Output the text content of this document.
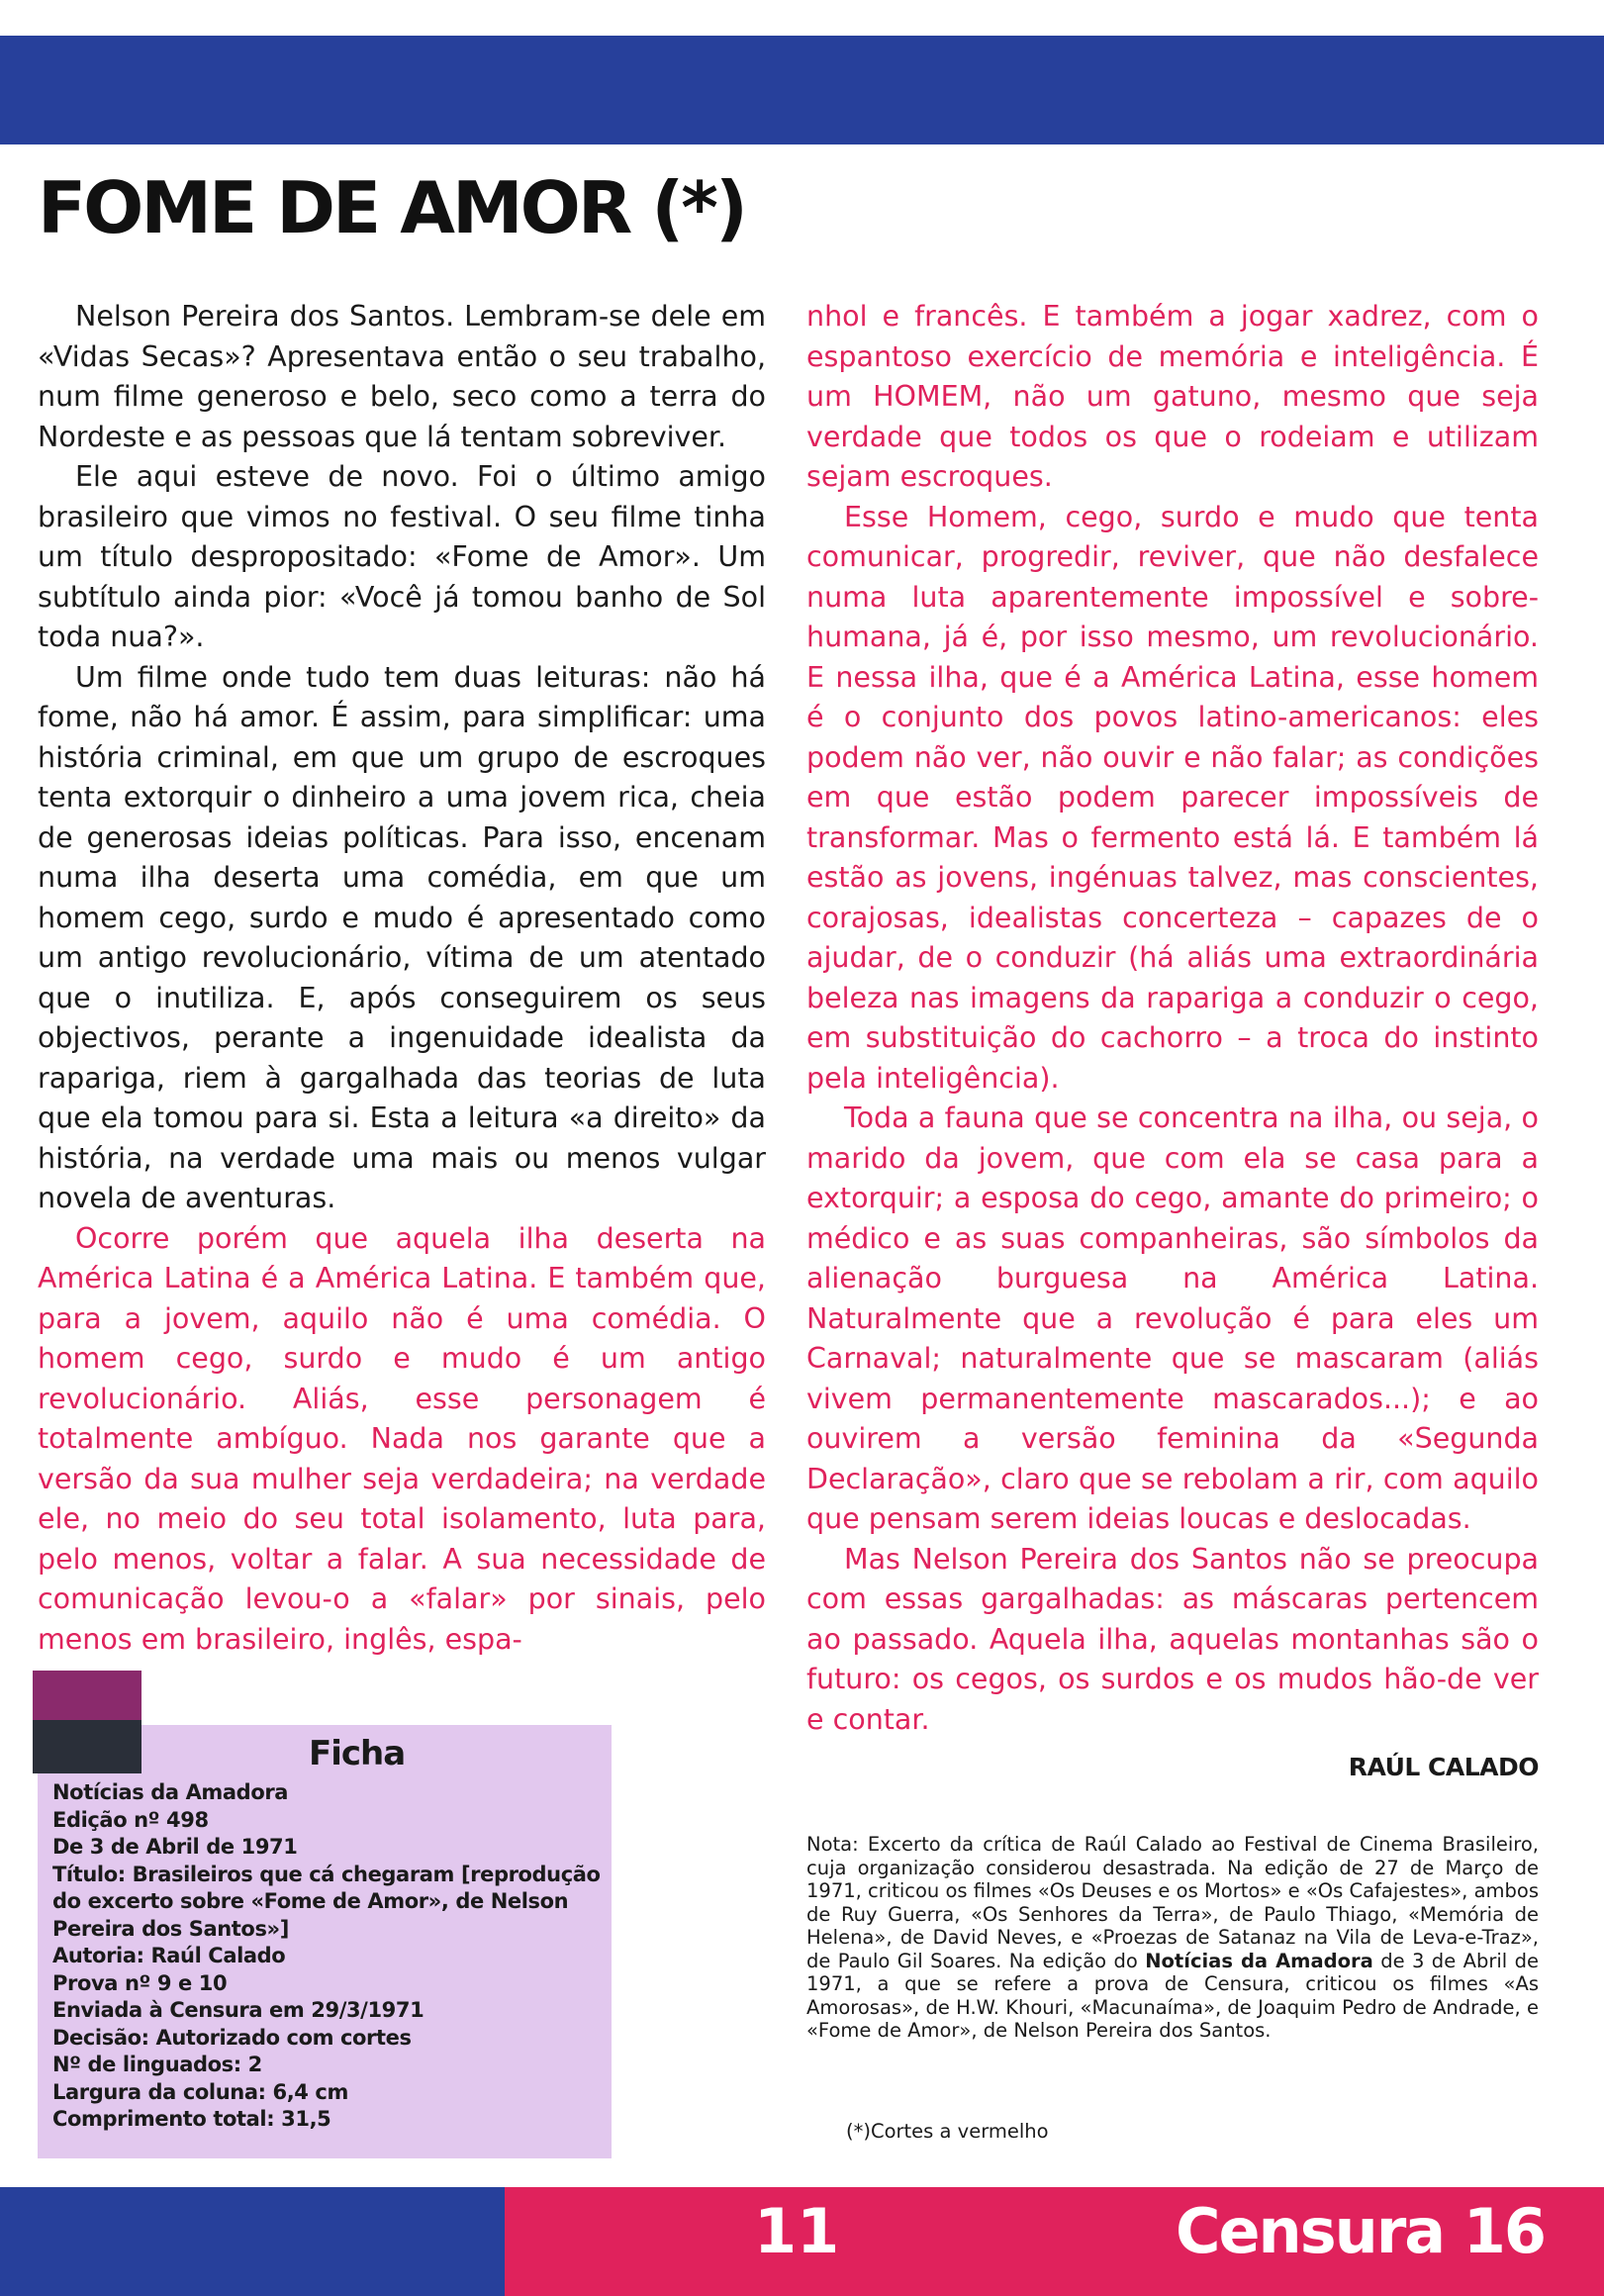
FOME DE AMOR (*)

Nelson Pereira dos Santos. Lembram-se dele em «Vidas Secas»? Apresentava então o seu trabalho, num filme generoso e belo, seco como a terra do Nordeste e as pessoas que lá tentam sobreviver.

Ele aqui esteve de novo. Foi o último amigo brasileiro que vimos no festival. O seu filme tinha um título despropositado: «Fome de Amor». Um subtítulo ainda pior: «Você já tomou banho de Sol toda nua?».

Um filme onde tudo tem duas leituras: não há fome, não há amor. É assim, para simplificar: uma história criminal, em que um grupo de escroques tenta extorquir o dinheiro a uma jovem rica, cheia de generosas ideias políticas. Para isso, encenam numa ilha deserta uma comédia, em que um homem cego, surdo e mudo é apresentado como um antigo revolucionário, vítima de um atentado que o inutiliza. E, após conseguirem os seus objectivos, perante a ingenuidade idealista da rapariga, riem à gargalhada das teorias de luta que ela tomou para si. Esta a leitura «a direito» da história, na verdade uma mais ou menos vulgar novela de aventuras.

Ocorre porém que aquela ilha deserta na América Latina é a América Latina. E também que, para a jovem, aquilo não é uma comédia. O homem cego, surdo e mudo é um antigo revolucionário. Aliás, esse personagem é totalmente ambíguo. Nada nos garante que a versão da sua mulher seja verdadeira; na verdade ele, no meio do seu total isolamento, luta para, pelo menos, voltar a falar. A sua necessidade de comunicação levou-o a «falar» por sinais, pelo menos em brasileiro, inglês, espa-

nhol e francês. E também a jogar xadrez, com o espantoso exercício de memória e inteligência. É um HOMEM, não um gatuno, mesmo que seja verdade que todos os que o rodeiam e utilizam sejam escroques.

Esse Homem, cego, surdo e mudo que tenta comunicar, progredir, reviver, que não desfalece numa luta aparentemente impossível e sobre-humana, já é, por isso mesmo, um revolucionário. E nessa ilha, que é a América Latina, esse homem é o conjunto dos povos latino-americanos: eles podem não ver, não ouvir e não falar; as condições em que estão podem parecer impossíveis de transformar. Mas o fermento está lá. E também lá estão as jovens, ingénuas talvez, mas conscientes, corajosas, idealistas concerteza – capazes de o ajudar, de o conduzir (há aliás uma extraordinária beleza nas imagens da rapariga a conduzir o cego, em substituição do cachorro – a troca do instinto pela inteligência).

Toda a fauna que se concentra na ilha, ou seja, o marido da jovem, que com ela se casa para a extorquir; a esposa do cego, amante do primeiro; o médico e as suas companheiras, são símbolos da alienação burguesa na América Latina. Naturalmente que a revolução é para eles um Carnaval; naturalmente que se mascaram (aliás vivem permanentemente mascarados...); e ao ouvirem a versão feminina da «Segunda Declaração», claro que se rebolam a rir, com aquilo que pensam serem ideias loucas e deslocadas.

Mas Nelson Pereira dos Santos não se preocupa com essas gargalhadas: as máscaras pertencem ao passado. Aquela ilha, aquelas montanhas são o futuro: os cegos, os surdos e os mudos hão-de ver e contar.

RAÚL CALADO

Nota: Excerto da crítica de Raúl Calado ao Festival de Cinema Brasileiro, cuja organização considerou desastrada. Na edição de 27 de Março de 1971, criticou os filmes «Os Deuses e os Mortos» e «Os Cafajestes», ambos de Ruy Guerra, «Os Senhores da Terra», de Paulo Thiago, «Memória de Helena», de David Neves, e «Proezas de Satanaz na Vila de Leva-e-Traz», de Paulo Gil Soares. Na edição do Notícias da Amadora de 3 de Abril de 1971, a que se refere a prova de Censura, criticou os filmes «As Amorosas», de H.W. Khouri, «Macunaíma», de Joaquim Pedro de Andrade, e «Fome de Amor», de Nelson Pereira dos Santos.

(*)Cortes a vermelho
Ficha
Notícias da Amadora
Edição nº 498
De 3 de Abril de 1971
Título: Brasileiros que cá chegaram [reprodução do excerto sobre «Fome de Amor», de Nelson Pereira dos Santos»]
Autoria: Raúl Calado
Prova nº 9 e 10
Enviada à Censura em 29/3/1971
Decisão: Autorizado com cortes
Nº de linguados: 2
Largura da coluna: 6,4 cm
Comprimento total: 31,5
11	Censura 16
